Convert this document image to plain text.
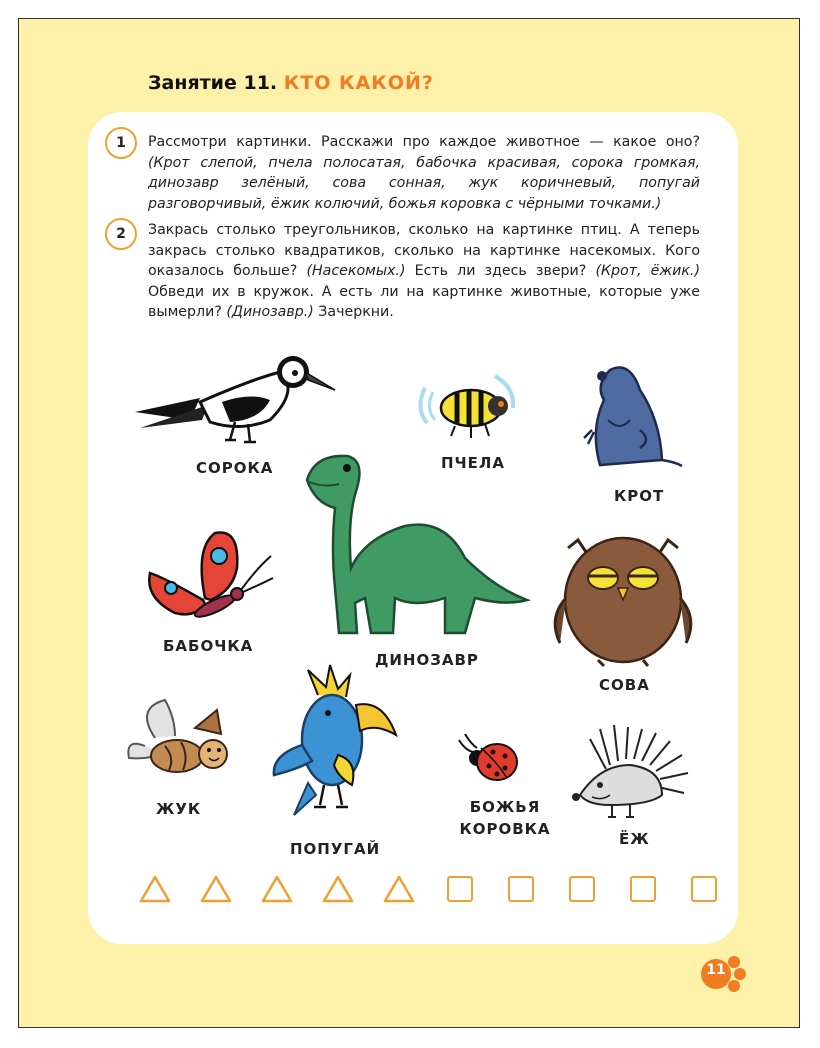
Занятие 11. КТО КАКОЙ?
1	Рассмотри картинки. Расскажи про каждое животное — какое оно? (Крот слепой, пчела полосатая, бабочка красивая, сорока громкая, динозавр зелёный, сова сонная, жук коричневый, попугай разговорчивый, ёжик колючий, божья коровка с чёрными точками.)
2	Закрась столько треугольников, сколько на картинке птиц. А теперь закрась столько квадратиков, сколько на картинке насекомых. Кого оказалось больше? (Насекомых.) Есть ли здесь звери? (Крот, ёжик.) Обведи их в кружок. А есть ли на картинке животные, которые уже вымерли? (Динозавр.) Зачеркни.
СОРОКА	ПЧЕЛА
КРОТ
ДИНОЗАВР
БАБОЧКА
СОВА
ЖУК
ПОПУГАЙ
БОЖЬЯ КОРОВКА
ЁЖ
11
